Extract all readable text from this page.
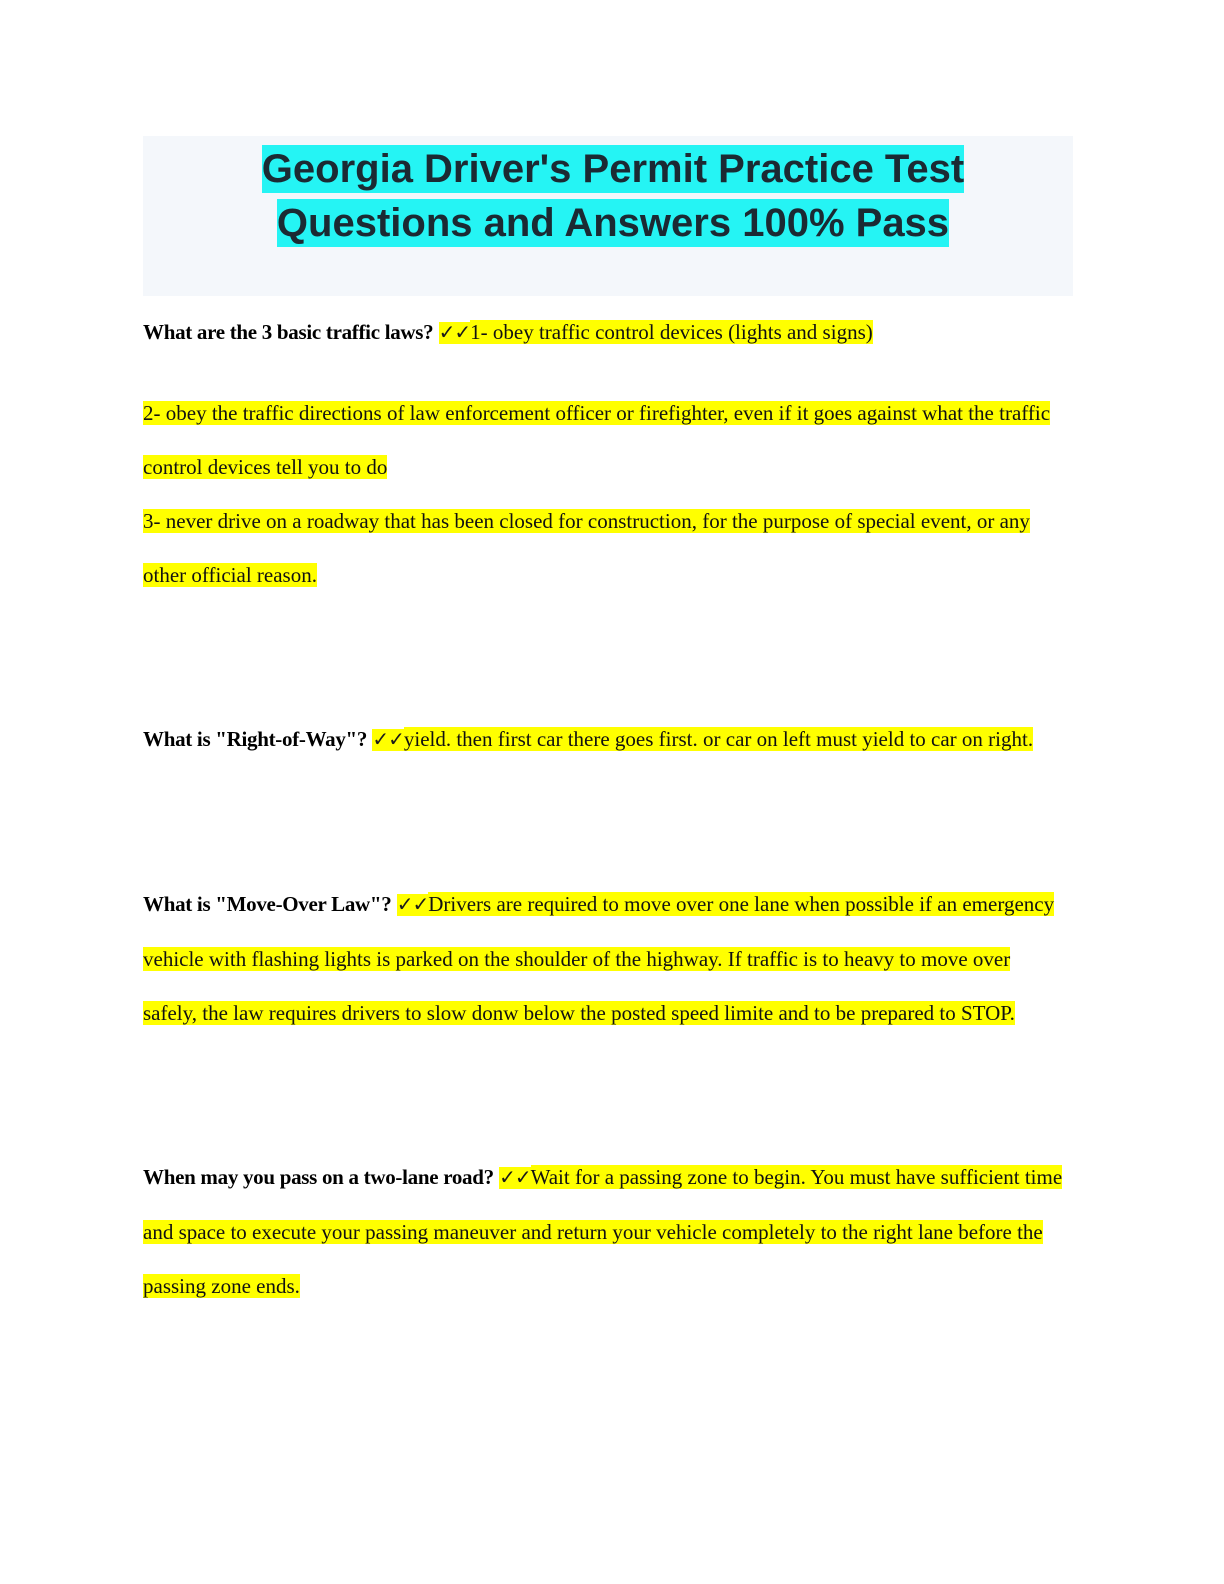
Georgia Driver's Permit Practice Test Questions and Answers 100% Pass

What are the 3 basic traffic laws? ✓✓1- obey traffic control devices (lights and signs)

2- obey the traffic directions of law enforcement officer or firefighter, even if it goes against what the traffic control devices tell you to do

3- never drive on a roadway that has been closed for construction, for the purpose of special event, or any other official reason.

What is "Right-of-Way"? ✓✓yield. then first car there goes first. or car on left must yield to car on right.

What is "Move-Over Law"? ✓✓Drivers are required to move over one lane when possible if an emergency vehicle with flashing lights is parked on the shoulder of the highway. If traffic is to heavy to move over safely, the law requires drivers to slow donw below the posted speed limite and to be prepared to STOP.

When may you pass on a two-lane road? ✓✓Wait for a passing zone to begin. You must have sufficient time and space to execute your passing maneuver and return your vehicle completely to the right lane before the passing zone ends.
